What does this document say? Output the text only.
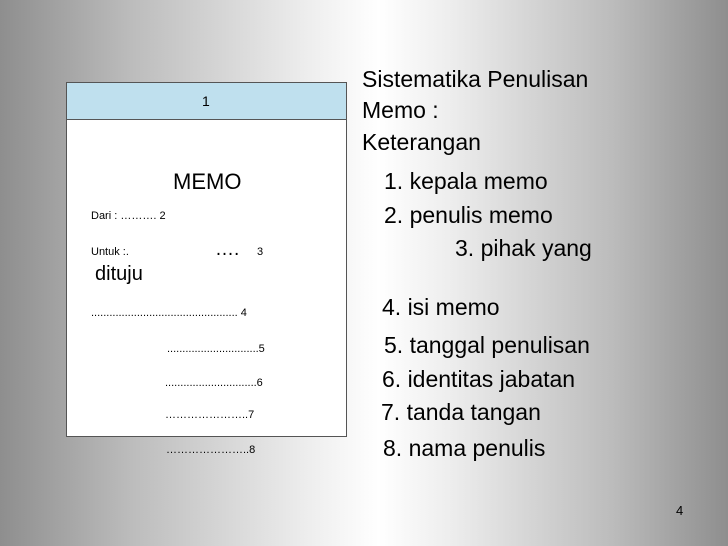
1
MEMO
Dari : ………. 2
Untuk :.	…. 3
dituju
................................................ 4
..............................5
..............................6
…………………..7
…………………..8
Sistematika Penulisan
Memo :
Keterangan
1. kepala memo
2. penulis memo
3. pihak yang
4. isi memo
5. tanggal penulisan
6. identitas jabatan
7. tanda tangan
8. nama penulis
4
